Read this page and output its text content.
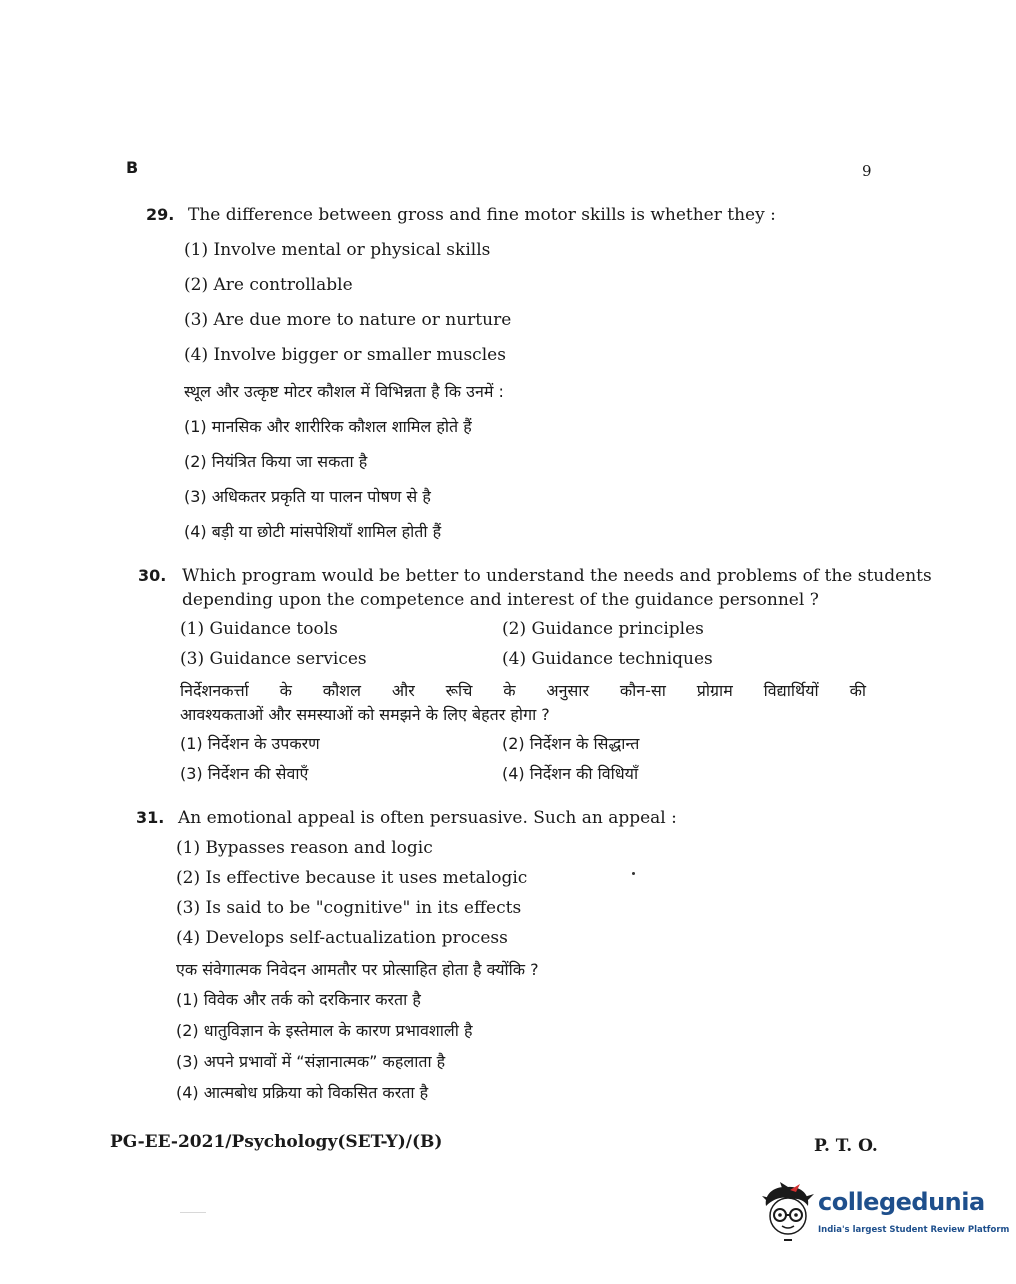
B	9
29. The difference between gross and fine motor skills is whether they :
(1) Involve mental or physical skills
(2) Are controllable
(3) Are due more to nature or nurture
(4) Involve bigger or smaller muscles
स्थूल और उत्कृष्ट मोटर कौशल में विभिन्नता है कि उनमें :
(1) मानसिक और शारीरिक कौशल शामिल होते हैं
(2) नियंत्रित किया जा सकता है
(3) अधिकतर प्रकृति या पालन पोषण से है
(4) बड़ी या छोटी मांसपेशियाँ शामिल होती हैं
30. Which program would be better to understand the needs and problems of the students
depending upon the competence and interest of the guidance personnel ?
(1) Guidance tools	(2) Guidance principles
(3) Guidance services	(4) Guidance techniques
निर्देशनकर्त्ता के कौशल और रूचि के अनुसार कौन-सा प्रोग्राम विद्यार्थियों की
आवश्यकताओं और समस्याओं को समझने के लिए बेहतर होगा ?
(1) निर्देशन के उपकरण	(2) निर्देशन के सिद्धान्त
(3) निर्देशन की सेवाएँ	(4) निर्देशन की विधियाँ
31. An emotional appeal is often persuasive. Such an appeal :
(1) Bypasses reason and logic
(2) Is effective because it uses metalogic
(3) Is said to be "cognitive" in its effects
(4) Develops self-actualization process
एक संवेगात्मक निवेदन आमतौर पर प्रोत्साहित होता है क्योंकि ?
(1) विवेक और तर्क को दरकिनार करता है
(2) धातुविज्ञान के इस्तेमाल के कारण प्रभावशाली है
(3) अपने प्रभावों में “संज्ञानात्मक” कहलाता है
(4) आत्मबोध प्रक्रिया को विकसित करता है
PG-EE-2021/Psychology(SET-Y)/(B)	P. T. O.
collegedunia
India's largest Student Review Platform
